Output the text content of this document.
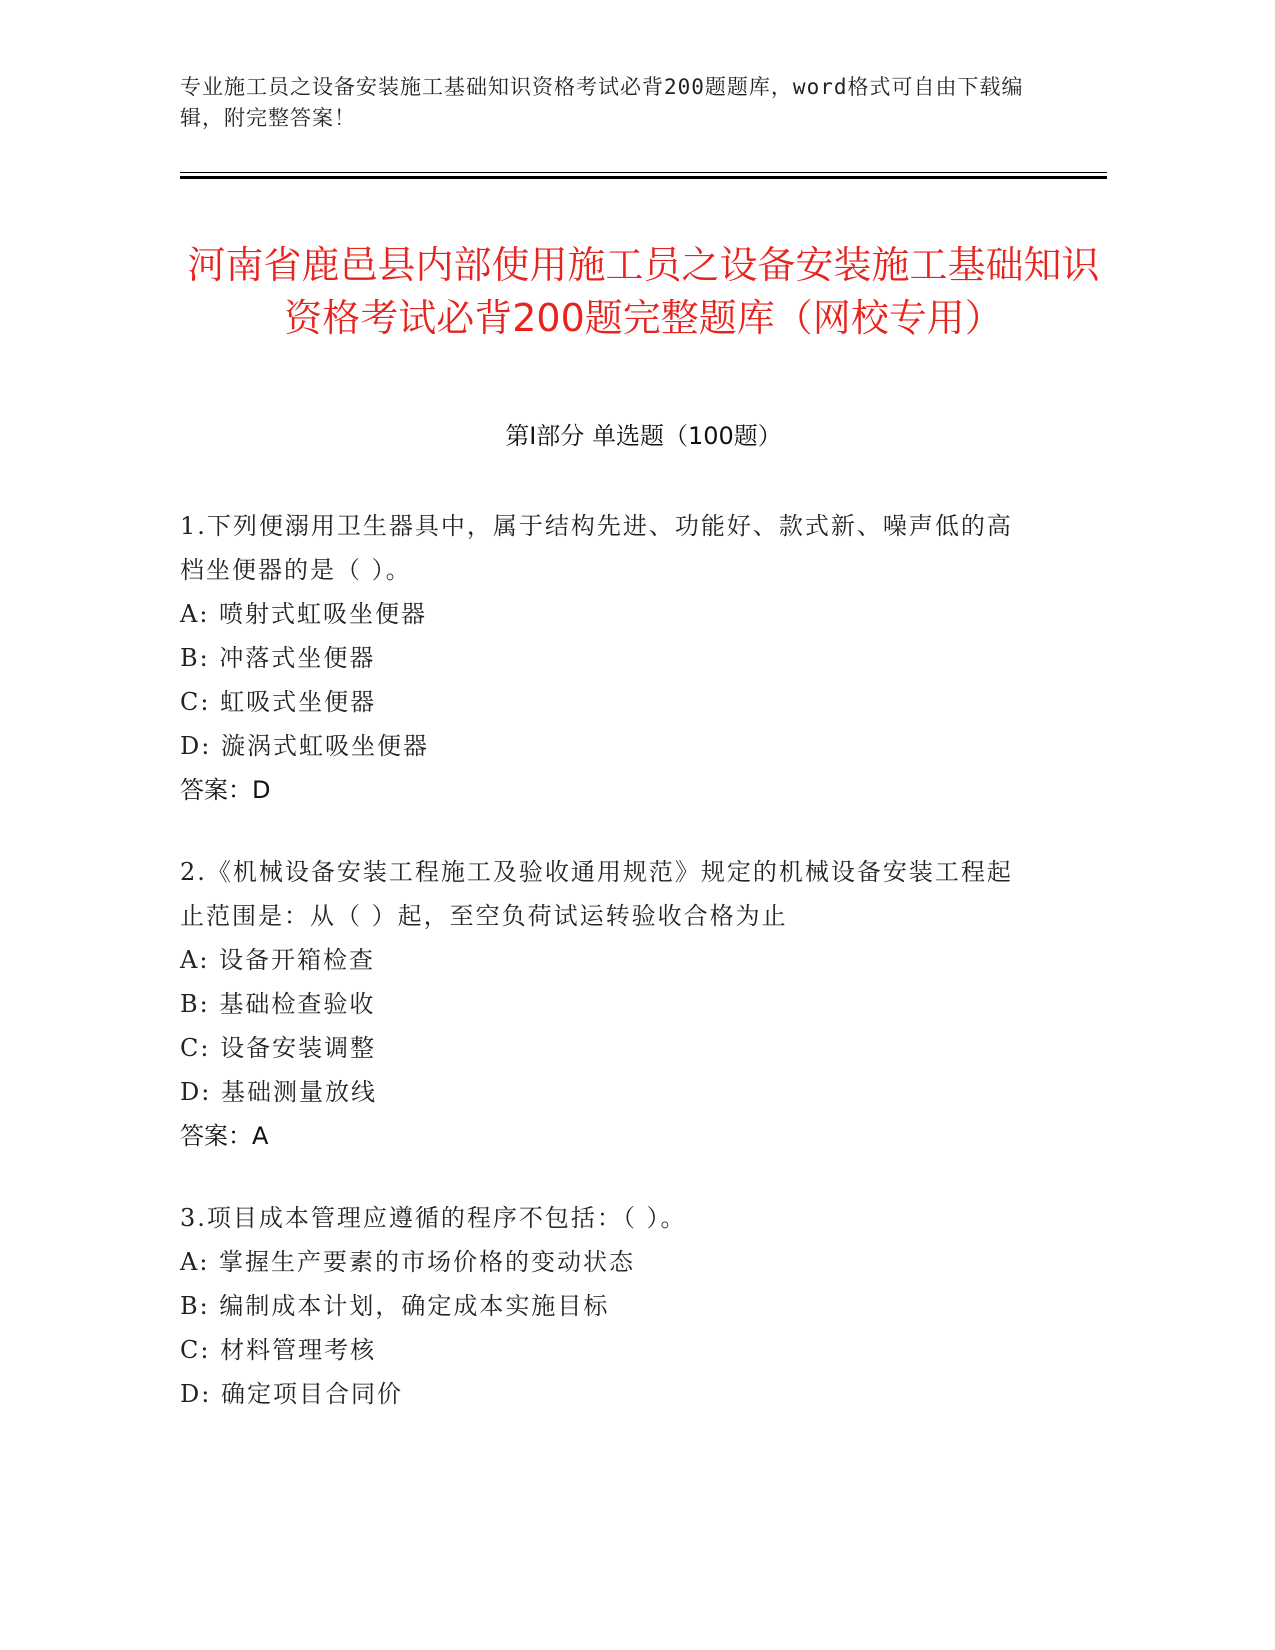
专业施工员之设备安装施工基础知识资格考试必背200题题库，word格式可自由下载编辑，附完整答案！
河南省鹿邑县内部使用施工员之设备安装施工基础知识资格考试必背200题完整题库（网校专用）
第I部分 单选题（100题）

1.下列便溺用卫生器具中，属于结构先进、功能好、款式新、噪声低的高档坐便器的是（ ）。

A: 喷射式虹吸坐便器

B: 冲落式坐便器

C: 虹吸式坐便器

D: 漩涡式虹吸坐便器

答案：D

2.《机械设备安装工程施工及验收通用规范》规定的机械设备安装工程起止范围是：从（ ）起，至空负荷试运转验收合格为止

A: 设备开箱检查

B: 基础检查验收

C: 设备安装调整

D: 基础测量放线

答案：A

3.项目成本管理应遵循的程序不包括：（ ）。

A: 掌握生产要素的市场价格的变动状态

B: 编制成本计划，确定成本实施目标

C: 材料管理考核

D: 确定项目合同价
